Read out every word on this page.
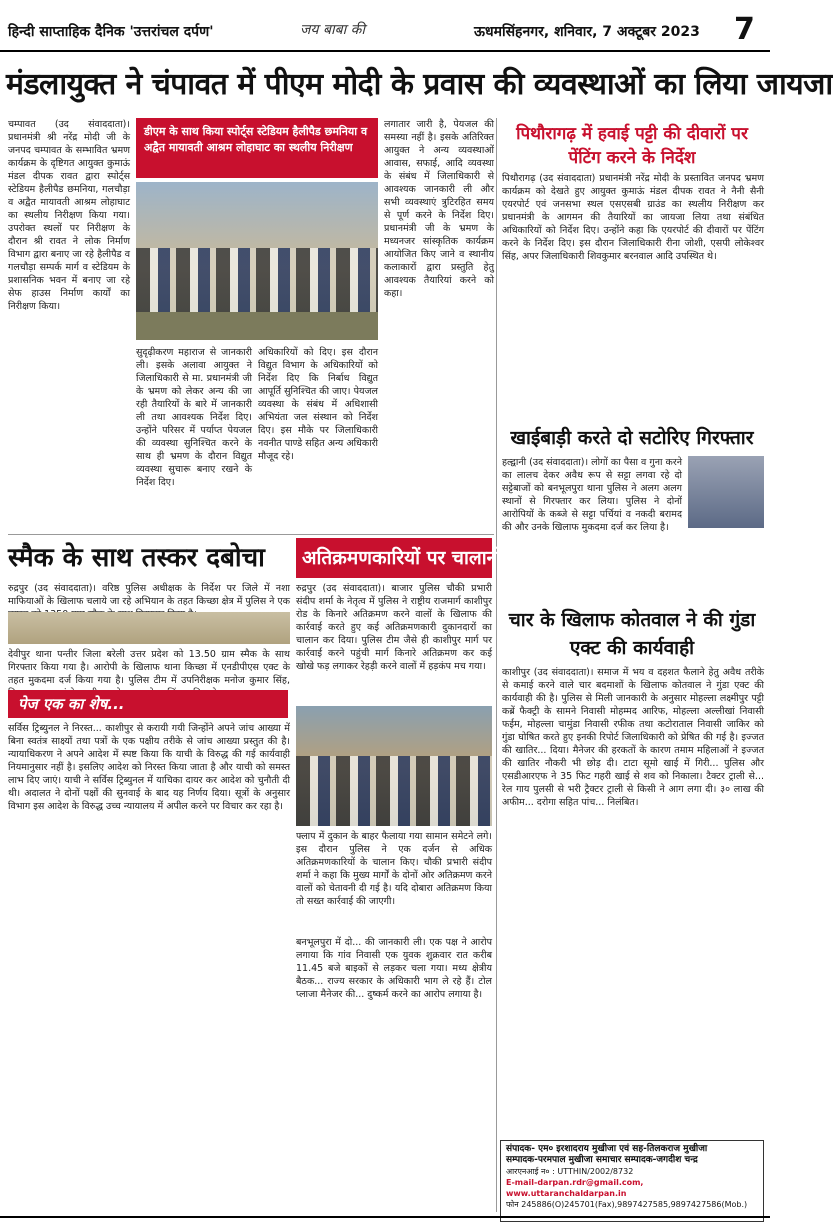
हिन्दी साप्ताहिक दैनिक 'उत्तरांचल दर्पण'	जय बाबा की	ऊधमसिंहनगर, शनिवार, 7 अक्टूबर 2023 7
मंडलायुक्त ने चंपावत में पीएम मोदी के प्रवास की व्यवस्थाओं का लिया जायजा
चम्पावत (उद संवाददाता)। प्रधानमंत्री श्री नरेंद्र मोदी जी के जनपद चम्पावत के सम्भावित भ्रमण कार्यक्रम के दृष्टिगत आयुक्त कुमाऊं मंडल दीपक रावत द्वारा स्पोर्ट्स स्टेडियम हैलीपैड छमनिया, गलचौड़ा व अद्वैत मायावती आश्रम लोहाघाट का स्थलीय निरीक्षण किया गया। उपरोक्त स्थलों पर निरीक्षण के दौरान श्री रावत ने लोक निर्माण विभाग द्वारा बनाए जा रहे हैलीपैड व गलचौड़ा सम्पर्क मार्ग व स्टेडियम के प्रशासनिक भवन में बनाए जा रहे सेफ हाउस निर्माण कार्यों का निरीक्षण किया।
डीएम के साथ किया स्पोर्ट्स स्टेडियम हैलीपैड छमनिया व अद्वैत मायावती आश्रम लोहाघाट का स्थलीय निरीक्षण
सुदृढ़ीकरण महाराज से जानकारी ली। इसके अलावा आयुक्त ने जिलाधिकारी से मा. प्रधानमंत्री जी के भ्रमण को लेकर अन्य की जा रही तैयारियों के बारे में जानकारी ली तथा आवश्यक निर्देश दिए। उन्होंने परिसर में पर्याप्त पेयजल की व्यवस्था सुनिश्चित करने के साथ ही भ्रमण के दौरान विद्युत व्यवस्था सुचारू बनाए रखने के निर्देश दिए।
अधिकारियों को दिए। इस दौरान विद्युत विभाग के अधिकारियों को निर्देश दिए कि निर्बाध विद्युत आपूर्ति सुनिश्चित की जाए। पेयजल व्यवस्था के संबंध में अधिशासी अभियंता जल संस्थान को निर्देश दिए। इस मौके पर जिलाधिकारी नवनीत पाण्डे सहित अन्य अधिकारी मौजूद रहे।
लगातार जारी है, पेयजल की समस्या नहीं है। इसके अतिरिक्त आयुक्त ने अन्य व्यवस्थाओं आवास, सफाई, आदि व्यवस्था के संबंध में जिलाधिकारी से आवश्यक जानकारी ली और सभी व्यवस्थाएं त्रुटिरहित समय से पूर्ण करने के निर्देश दिए। प्रधानमंत्री जी के भ्रमण के मध्यनजर सांस्कृतिक कार्यक्रम आयोजित किए जाने व स्थानीय कलाकारों द्वारा प्रस्तुति हेतु आवश्यक तैयारियां करने को कहा।
स्मैक के साथ तस्कर दबोचा
रुद्रपुर (उद संवाददाता)। वरिष्ठ पुलिस अधीक्षक के निर्देश पर जिले में नशा माफियाओं के खिलाफ चलाये जा रहे अभियान के तहत किच्छा क्षेत्र में पुलिस ने एक
देवीपुर थाना पन्तीर जिला बरेली उत्तर प्रदेश को 13.50 ग्राम स्मैक के साथ गिरफ्तार किया गया है। आरोपी के खिलाफ थाना किच्छा में एनडीपीएस एक्ट के तहत मुकदमा दर्ज किया गया है। पुलिस टीम में उपनिरीक्षक मनोज कुमार सिंह,
अतिक्रमणकारियों पर चालानी कार्रवाई
रुद्रपुर (उद संवाददाता)। बाजार पुलिस चौकी प्रभारी संदीप शर्मा के नेतृत्व में पुलिस ने राष्ट्रीय राजमार्ग काशीपुर रोड के किनारे अतिक्रमण करने वालों के खिलाफ की कार्रवाई करते हुए कई अतिक्रमणकारी दुकानदारों का चालान कर दिया। पुलिस टीम जैसे ही काशीपुर मार्ग पर कार्रवाई करने पहुंची मार्ग किनारे अतिक्रमण कर कई खोखे फड़ लगाकर रेहड़ी करने वालों में हड़कंप मच गया।
फ्लाप में दुकान के बाहर फैलाया गया सामान समेटने लगे। इस दौरान पुलिस ने एक दर्जन से अधिक अतिक्रमणकारियों के चालान किए। चौकी प्रभारी संदीप शर्मा ने कहा कि मुख्य मार्गों के दोनों ओर अतिक्रमण करने वालों को चेतावनी दी गई है। यदि दोबारा अतिक्रमण किया तो सख्त कार्रवाई की जाएगी।
बनभूलपुरा में दो... की जानकारी ली। एक पक्ष ने आरोप लगाया कि गांव निवासी एक युवक शुक्रवार रात करीब 11.45 बजे बाइकों से लड़कर चला गया। मध्य क्षेत्रीय बैठक... राज्य सरकार के अधिकारी भाग ले रहे हैं। टोल प्लाजा मैनेजर की... दुष्कर्म करने का आरोप लगाया है।
पेज एक का शेष...
सर्विस ट्रिब्युनल ने निरस्त... काशीपुर से करायी गयी जिन्होंने अपने जांच आख्या में बिना स्वतंत्र साक्ष्यों तथा पत्रों के एक पक्षीय तरीके से जांच आख्या प्रस्तुत की है। न्यायाधिकरण ने अपने आदेश में स्पष्ट किया कि याची के विरुद्ध की गई कार्यवाही नियमानुसार नहीं है। इसलिए आदेश को निरस्त किया जाता है और याची को समस्त लाभ दिए जाएं। याची ने सर्विस ट्रिब्युनल में याचिका दायर कर आदेश को चुनौती दी थी। अदालत ने दोनों पक्षों की सुनवाई के बाद यह निर्णय दिया। सूत्रों के अनुसार विभाग इस आदेश के विरुद्ध उच्च न्यायालय में अपील करने पर विचार कर रहा है।
पिथौरागढ़ में हवाई पट्टी की दीवारों पर पेंटिंग करने के निर्देश
पिथौरागढ़ (उद संवाददाता) प्रधानमंत्री नरेंद्र मोदी के प्रस्तावित जनपद भ्रमण कार्यक्रम को देखते हुए आयुक्त कुमाऊं मंडल दीपक रावत ने नैनी सैनी एयरपोर्ट एवं जनसभा स्थल एसएसबी ग्राउंड का स्थलीय निरीक्षण कर प्रधानमंत्री के आगमन की तैयारियों का जायजा लिया तथा संबंधित अधिकारियों को निर्देश दिए। उन्होंने कहा कि एयरपोर्ट की दीवारों पर पेंटिंग करने के निर्देश दिए। इस दौरान जिलाधिकारी रीना जोशी, एसपी लोकेश्वर सिंह, अपर जिलाधिकारी शिवकुमार बरनवाल आदि उपस्थित थे।
खाईबाड़ी करते दो सटोरिए गिरफ्तार
हल्द्वानी (उद संवाददाता)। लोगों का पैसा व गुना करने का लालच देकर अवैध रूप से सट्टा लगवा रहे दो सट्टेबाजों को बनभूलपुरा थाना पुलिस ने अलग अलग स्थानों से गिरफ्तार कर लिया। पुलिस ने दोनों आरोपियों के कब्जे से सट्टा पर्चियां व नकदी बरामद की और उनके खिलाफ मुकदमा दर्ज कर लिया है।
चार के खिलाफ कोतवाल ने की गुंडा एक्ट की कार्यवाही
काशीपुर (उद संवाददाता)। समाज में भय व दहशत फैलाने हेतु अवैध तरीके से कमाई करने वाले चार बदमाशों के खिलाफ कोतवाल ने गुंडा एक्ट की कार्यवाही की है। पुलिस से मिली जानकारी के अनुसार मोहल्ला लक्ष्मीपुर पट्टी कब्रें फैक्ट्री के सामने निवासी मोहम्मद आरिफ, मोहल्ला अल्लीखां निवासी फईम, मोहल्ला चामुंडा निवासी रफीक तथा कटोराताल निवासी जाकिर को गुंडा घोषित करते हुए इनकी रिपोर्ट जिलाधिकारी को प्रेषित की गई है। इज्जत की खातिर... दिया। मैनेजर की हरकतों के कारण तमाम महिलाओं ने इज्जत की खातिर नौकरी भी छोड़ दी। टाटा सूमो खाई में गिरी... पुलिस और एसडीआरएफ ने 35 फिट गहरी खाई से शव को निकाला। टैक्टर ट्राली से... रेल गाय पुलसी से भरी ट्रैक्टर ट्राली से किसी ने आग लगा दी। ३० लाख की अफीम... दरोगा सहित पांच... निलंबित।
संपादक- एम० इरशादराय मुखीजा एवं सह-तिलकराज मुखीजा
सम्पादक-परमपाल मुखीजा समाचार सम्पादक-जगदीश चन्द्र
आरएनआई न० : UTTHIN/2002/8732
E-mail-darpan.rdr@gmail.com, www.uttaranchaldarpan.in
फोन 245886(O)245701(Fax),9897427585,9897427586(Mob.)
